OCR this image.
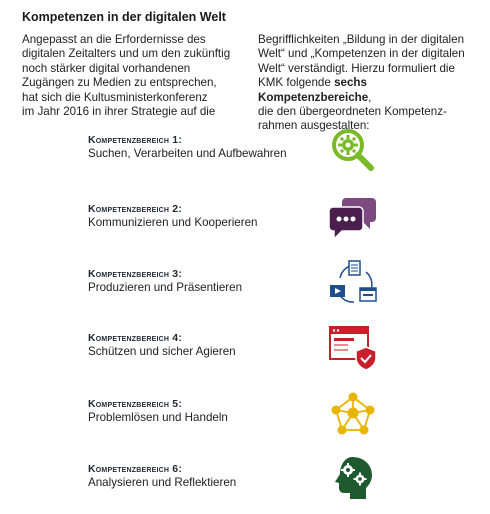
Kompetenzen in der digitalen Welt

Angepasst an die Erfordernisse des

digitalen Zeitalters und um den zukünftig

noch stärker digital vorhandenen

Zugängen zu Medien zu entsprechen,

hat sich die Kultusministerkonferenz

im Jahr 2016 in ihrer Strategie auf die

Begrifflichkeiten „Bildung in der digitalen

Welt“ und „Kompetenzen in der digitalen

Welt“ verständigt. Hierzu formuliert die

KMK folgende sechs Kompetenzbereiche,

die den übergeordneten Kompetenz-

rahmen ausgestalten:

Kompetenzbereich 1:
Suchen, Verarbeiten und Aufbewahren
Kompetenzbereich 2:
Kommunizieren und Kooperieren
Kompetenzbereich 3:
Produzieren und Präsentieren
Kompetenzbereich 4:
Schützen und sicher Agieren
Kompetenzbereich 5:
Problemlösen und Handeln
Kompetenzbereich 6:
Analysieren und Reflektieren
